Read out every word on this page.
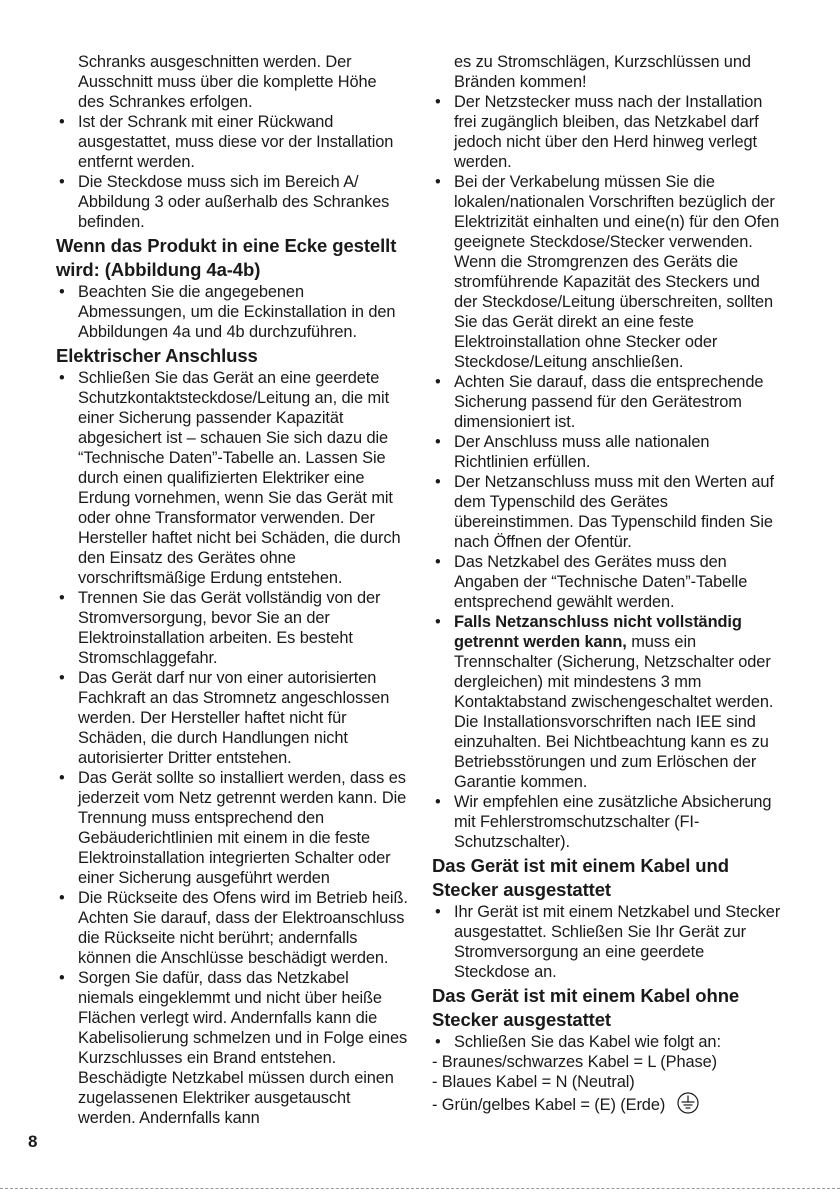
Schranks ausgeschnitten werden. Der

Ausschnitt muss über die komplette Höhe

des Schrankes erfolgen.

• Ist der Schrank mit einer Rückwand ausgestattet, muss diese vor der Installation entfernt werden.

• Die Steckdose muss sich im Bereich A/ Abbildung 3 oder außerhalb des Schrankes befinden.

Wenn das Produkt in eine Ecke gestellt wird: (Abbildung 4a-4b)

• Beachten Sie die angegebenen Abmessungen, um die Eckinstallation in den Abbildungen 4a und 4b durchzuführen.

Elektrischer Anschluss

• Schließen Sie das Gerät an eine geerdete Schutzkontaktsteckdose/Leitung an, die mit einer Sicherung passender Kapazität abgesichert ist – schauen Sie sich dazu die “Technische Daten”-Tabelle an. Lassen Sie durch einen qualifizierten Elektriker eine Erdung vornehmen, wenn Sie das Gerät mit oder ohne Transformator verwenden. Der Hersteller haftet nicht bei Schäden, die durch den Einsatz des Gerätes ohne vorschriftsmäßige Erdung entstehen.

• Trennen Sie das Gerät vollständig von der Stromversorgung, bevor Sie an der Elektroinstallation arbeiten. Es besteht Stromschlaggefahr.

• Das Gerät darf nur von einer autorisierten Fachkraft an das Stromnetz angeschlossen werden. Der Hersteller haftet nicht für Schäden, die durch Handlungen nicht autorisierter Dritter entstehen.

• Das Gerät sollte so installiert werden, dass es jederzeit vom Netz getrennt werden kann. Die Trennung muss entsprechend den Gebäuderichtlinien mit einem in die feste Elektroinstallation integrierten Schalter oder einer Sicherung ausgeführt werden

• Die Rückseite des Ofens wird im Betrieb heiß. Achten Sie darauf, dass der Elektroanschluss die Rückseite nicht berührt; andernfalls können die Anschlüsse beschädigt werden.

• Sorgen Sie dafür, dass das Netzkabel niemals eingeklemmt und nicht über heiße Flächen verlegt wird. Andernfalls kann die Kabelisolierung schmelzen und in Folge eines Kurzschlusses ein Brand entstehen. Beschädigte Netzkabel müssen durch einen zugelassenen Elektriker ausgetauscht werden. Andernfalls kann

es zu Stromschlägen, Kurzschlüssen und

Bränden kommen!

• Der Netzstecker muss nach der Installation frei zugänglich bleiben, das Netzkabel darf jedoch nicht über den Herd hinweg verlegt werden.

• Bei der Verkabelung müssen Sie die lokalen/nationalen Vorschriften bezüglich der Elektrizität einhalten und eine(n) für den Ofen geeignete Steckdose/Stecker verwenden. Wenn die Stromgrenzen des Geräts die stromführende Kapazität des Steckers und der Steckdose/Leitung überschreiten, sollten Sie das Gerät direkt an eine feste Elektroinstallation ohne Stecker oder Steckdose/Leitung anschließen.

• Achten Sie darauf, dass die entsprechende Sicherung passend für den Gerätestrom dimensioniert ist.

• Der Anschluss muss alle nationalen Richtlinien erfüllen.

• Der Netzanschluss muss mit den Werten auf dem Typenschild des Gerätes übereinstimmen. Das Typenschild finden Sie nach Öffnen der Ofentür.

• Das Netzkabel des Gerätes muss den Angaben der “Technische Daten”-Tabelle entsprechend gewählt werden.

• Falls Netzanschluss nicht vollständig getrennt werden kann, muss ein Trennschalter (Sicherung, Netzschalter oder dergleichen) mit mindestens 3 mm Kontaktabstand zwischengeschaltet werden. Die Installationsvorschriften nach IEE sind einzuhalten. Bei Nichtbeachtung kann es zu Betriebsstörungen und zum Erlöschen der Garantie kommen.

• Wir empfehlen eine zusätzliche Absicherung mit Fehlerstromschutzschalter (FI-Schutzschalter).

Das Gerät ist mit einem Kabel und Stecker ausgestattet

• Ihr Gerät ist mit einem Netzkabel und Stecker ausgestattet. Schließen Sie Ihr Gerät zur Stromversorgung an eine geerdete Steckdose an.

Das Gerät ist mit einem Kabel ohne Stecker ausgestattet

• Schließen Sie das Kabel wie folgt an:

- Braunes/schwarzes Kabel = L (Phase)

- Blaues Kabel = N (Neutral)

- Grün/gelbes Kabel = (E) (Erde)

8
